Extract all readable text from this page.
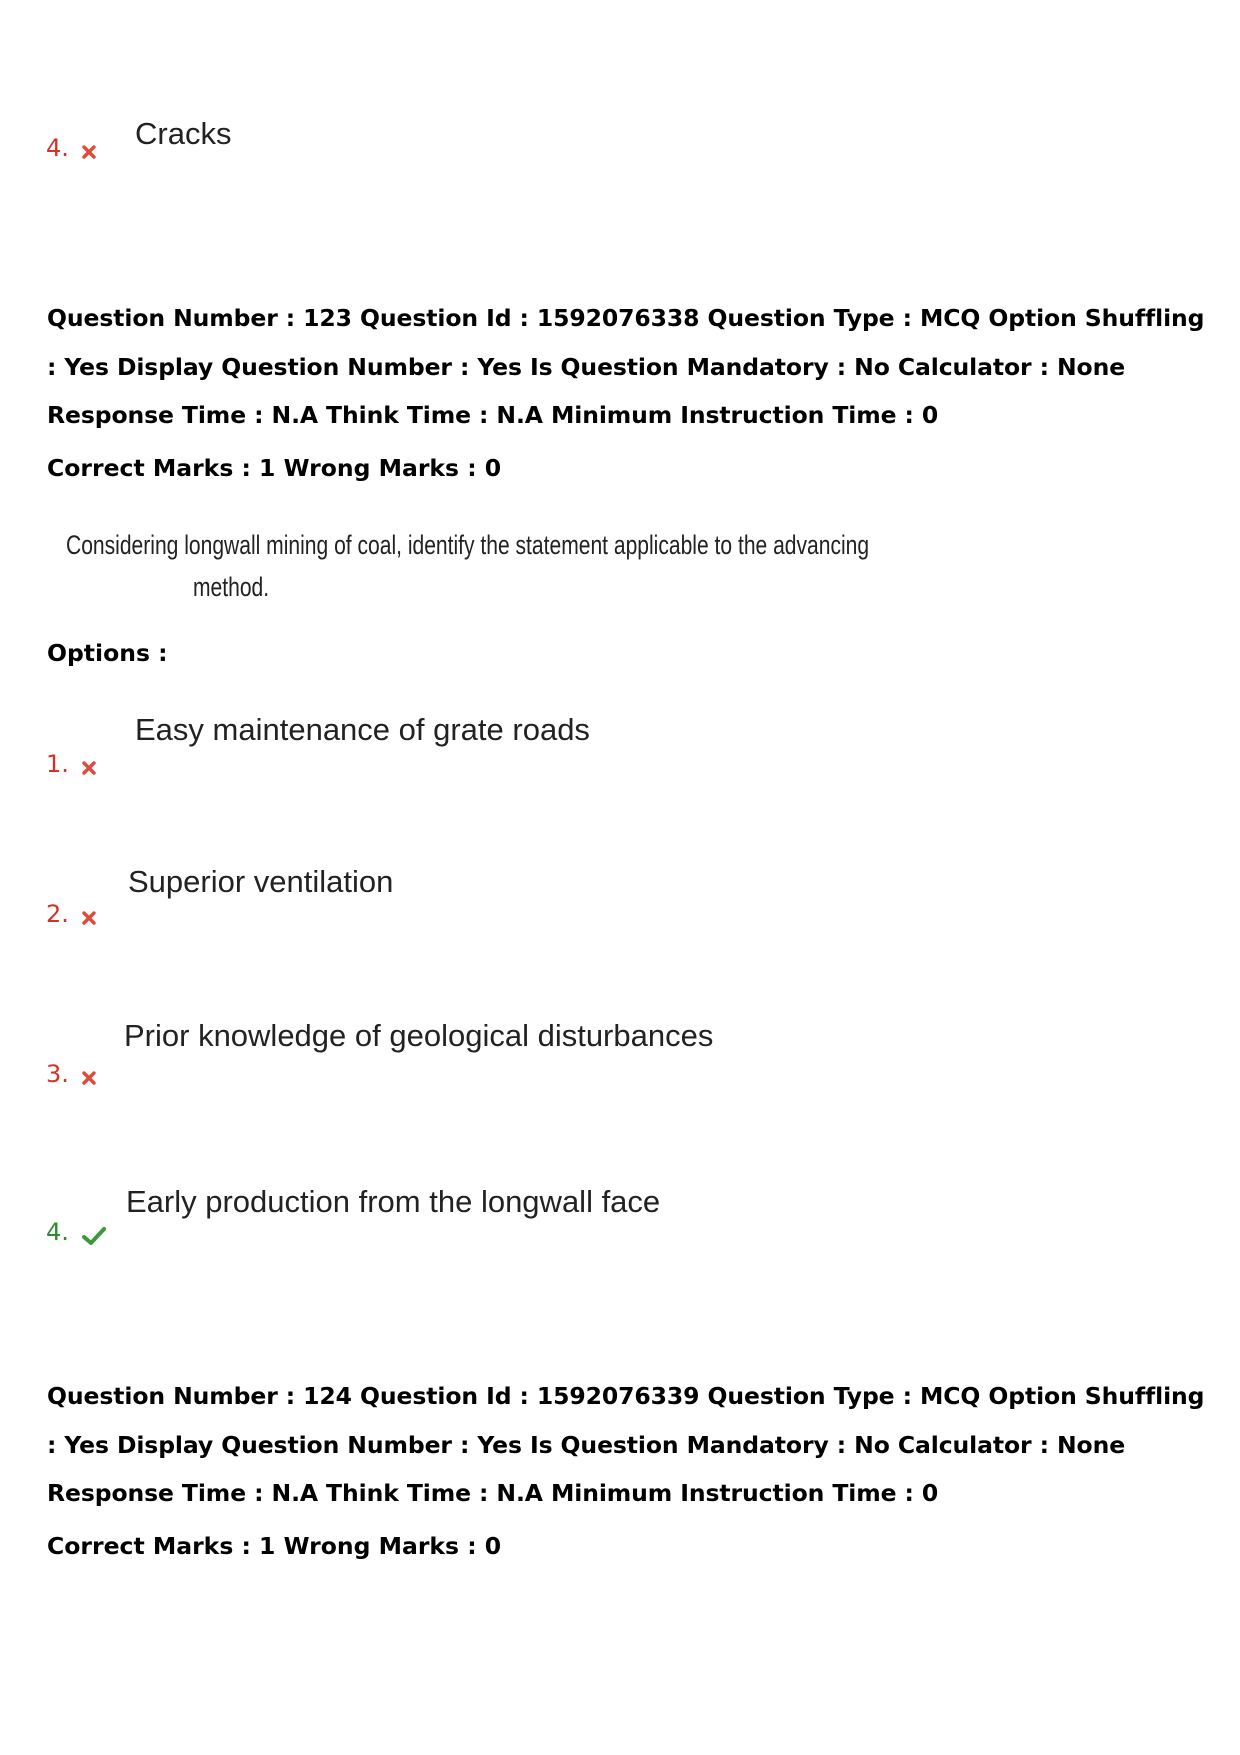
4.	Cracks

Question Number : 123 Question Id : 1592076338 Question Type : MCQ Option Shuffling : Yes Display Question Number : Yes Is Question Mandatory : No Calculator : None Response Time : N.A Think Time : N.A Minimum Instruction Time : 0

Correct Marks : 1 Wrong Marks : 0

Considering longwall mining of coal, identify the statement applicable to the advancing
method.

Options :

1.
Easy maintenance of grate roads
2.
Superior ventilation
3.
Prior knowledge of geological disturbances
4.
Early production from the longwall face

Question Number : 124 Question Id : 1592076339 Question Type : MCQ Option Shuffling : Yes Display Question Number : Yes Is Question Mandatory : No Calculator : None Response Time : N.A Think Time : N.A Minimum Instruction Time : 0

Correct Marks : 1 Wrong Marks : 0
